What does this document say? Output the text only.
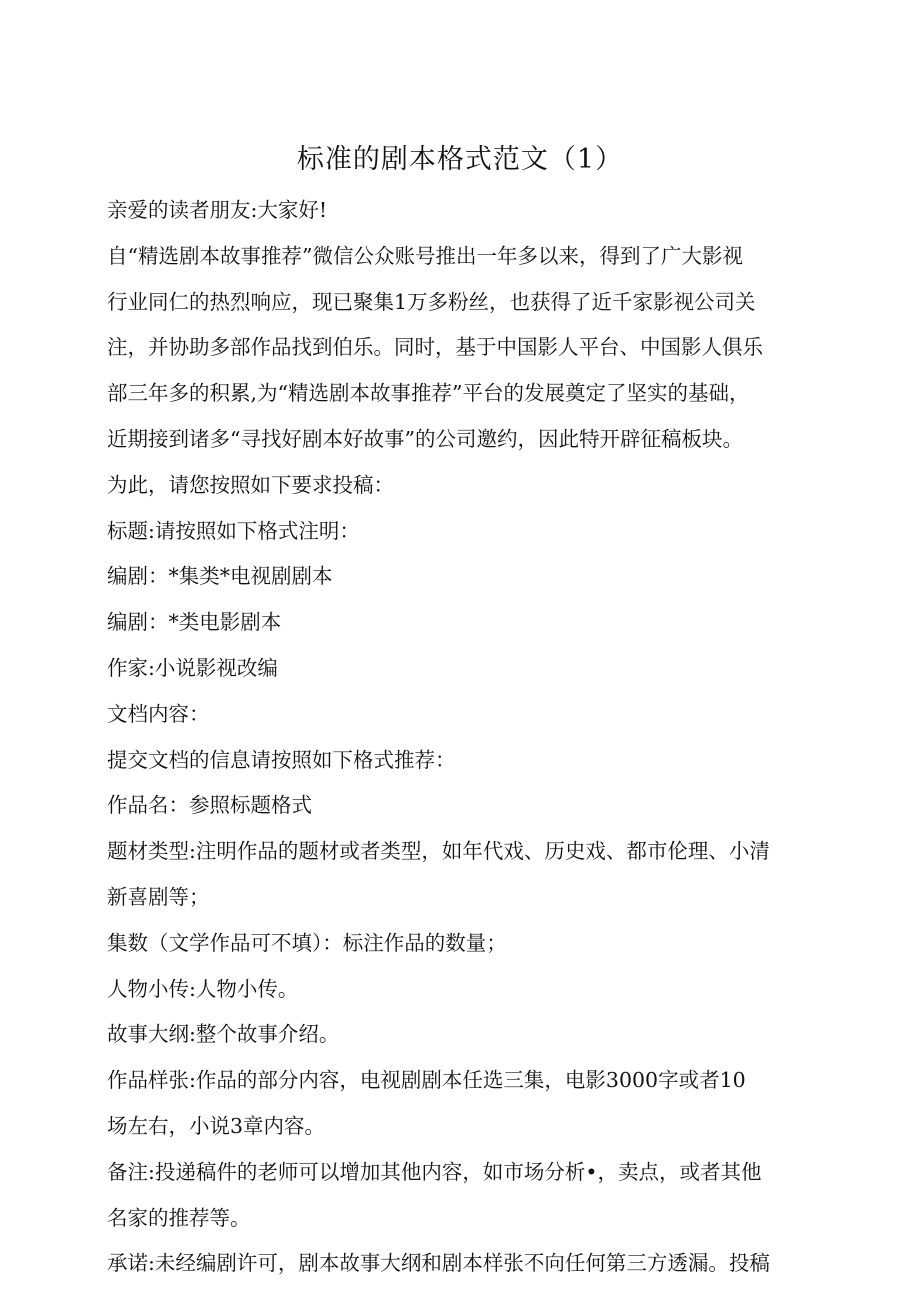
标准的剧本格式范文（1）
亲爱的读者朋友:大家好!
自“精选剧本故事推荐”微信公众账号推出一年多以来，得到了广大影视
行业同仁的热烈响应，现已聚集1万多粉丝，也获得了近千家影视公司关
注，并协助多部作品找到伯乐。同时，基于中国影人平台、中国影人俱乐
部三年多的积累,为“精选剧本故事推荐”平台的发展奠定了坚实的基础，
近期接到诸多“寻找好剧本好故事”的公司邀约，因此特开辟征稿板块。
为此，请您按照如下要求投稿：
标题:请按照如下格式注明：
编剧：*集类*电视剧剧本
编剧：*类电影剧本
作家:小说影视改编
文档内容：
提交文档的信息请按照如下格式推荐：
作品名：参照标题格式
题材类型:注明作品的题材或者类型，如年代戏、历史戏、都市伦理、小清
新喜剧等；
集数（文学作品可不填）：标注作品的数量；
人物小传:人物小传。
故事大纲:整个故事介绍。
作品样张:作品的部分内容，电视剧剧本任选三集，电影3000字或者10
场左右，小说3章内容。
备注:投递稿件的老师可以增加其他内容，如市场分析•，卖点，或者其他
名家的推荐等。
承诺:未经编剧许可，剧本故事大纲和剧本样张不向任何第三方透漏。投稿
